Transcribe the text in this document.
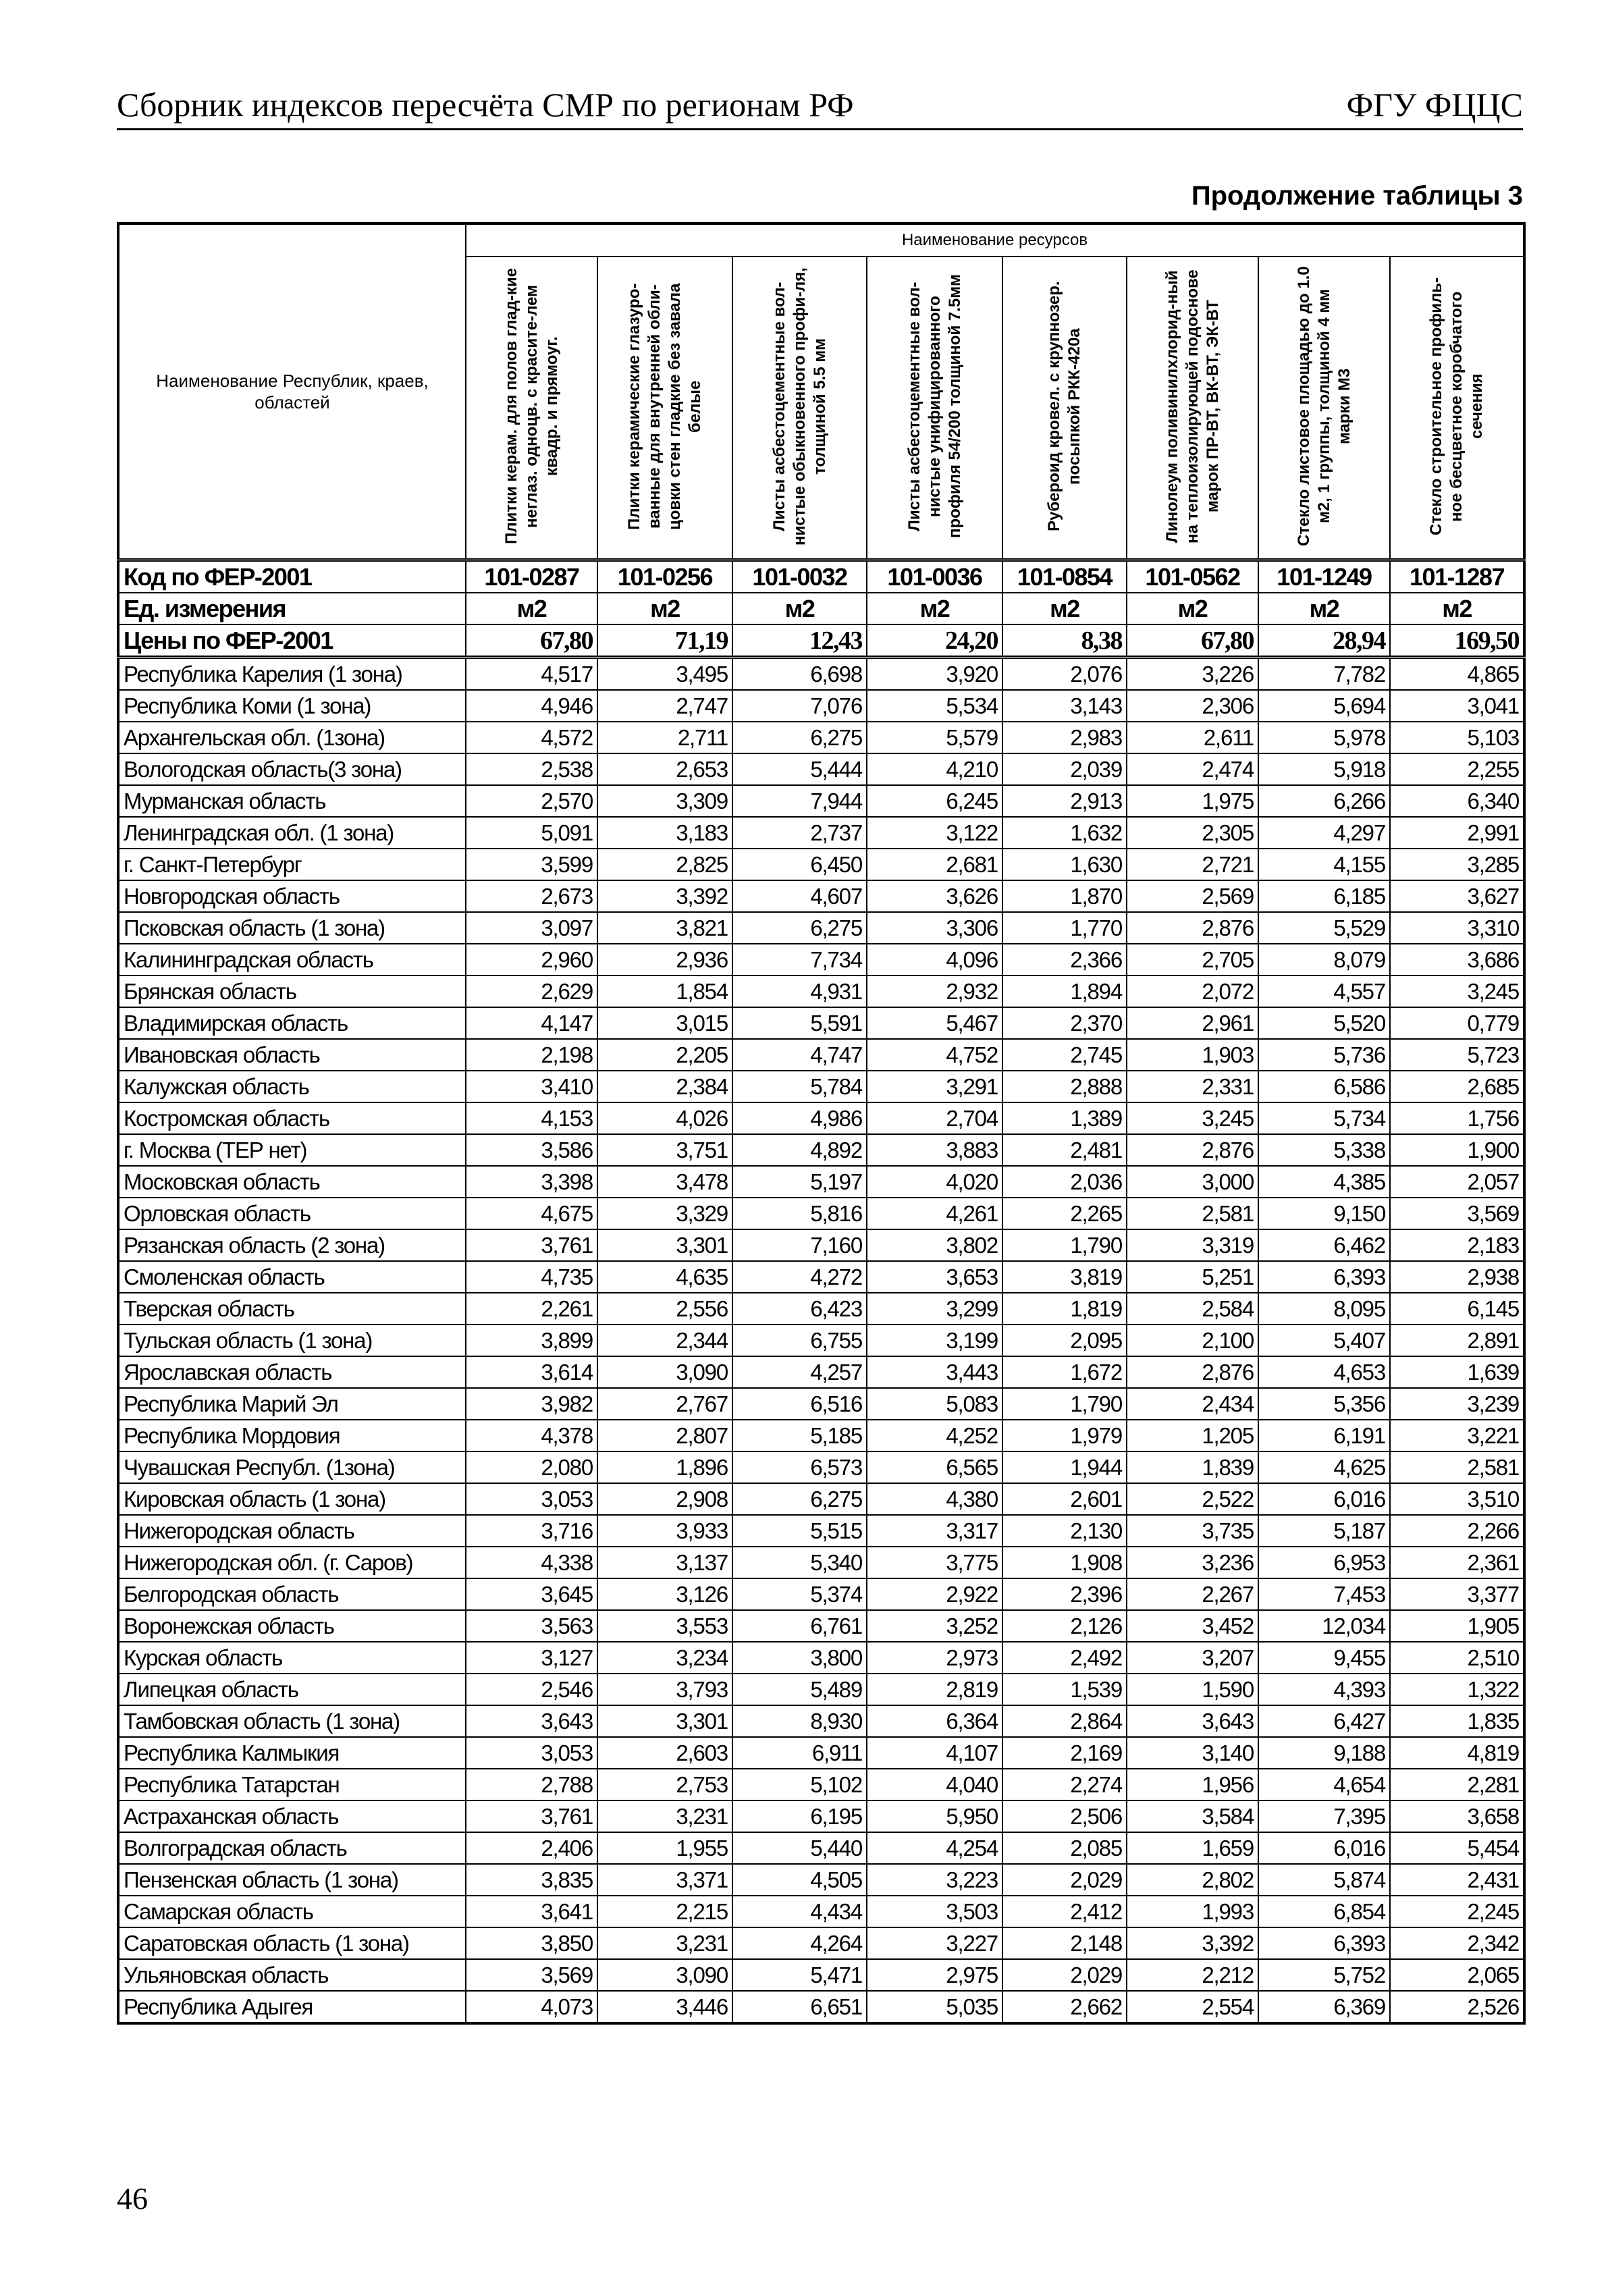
Сборник индексов пересчёта СМР по регионам РФ	ФГУ ФЦЦС
Продолжение таблицы 3
Наименование Республик, краев, областей	Наименование ресурсов							
	Плитки керам. для полов глад-кие неглаз. одноцв. с красите-лем квадр. и прямоуг.	Плитки керамические глазуро-ванные для внутренней обли-цовки стен гладкие без завала белые	Листы асбестоцементные вол-нистые обыкновенного профи-ля, толщиной 5.5 мм	Листы асбестоцементные вол-нистые унифицированного профиля 54/200 толщиной 7.5мм	Рубероид кровел. с крупнозер. посыпкой РКК-420а	Линолеум поливинилхлорид-ный на теплоизолирующей подоснове марок ПР-ВТ, ВК-ВТ, ЭК-ВТ	Стекло листовое площадью до 1.0 м2, 1 группы, толщиной 4 мм марки М3	Стекло строительное профиль-ное бесцветное коробчатого сечения
Код по ФЕР-2001	101-0287	101-0256	101-0032	101-0036	101-0854	101-0562	101-1249	101-1287
Ед. измерения	м2	м2	м2	м2	м2	м2	м2	м2
Цены по ФЕР-2001	67,80	71,19	12,43	24,20	8,38	67,80	28,94	169,50
Республика Карелия (1 зона)	4,517	3,495	6,698	3,920	2,076	3,226	7,782	4,865
Республика Коми (1 зона)	4,946	2,747	7,076	5,534	3,143	2,306	5,694	3,041
Архангельская обл. (1зона)	4,572	2,711	6,275	5,579	2,983	2,611	5,978	5,103
Вологодская область(3 зона)	2,538	2,653	5,444	4,210	2,039	2,474	5,918	2,255
Мурманская область	2,570	3,309	7,944	6,245	2,913	1,975	6,266	6,340
Ленинградская обл. (1 зона)	5,091	3,183	2,737	3,122	1,632	2,305	4,297	2,991
г. Санкт-Петербург	3,599	2,825	6,450	2,681	1,630	2,721	4,155	3,285
Новгородская область	2,673	3,392	4,607	3,626	1,870	2,569	6,185	3,627
Псковская область (1 зона)	3,097	3,821	6,275	3,306	1,770	2,876	5,529	3,310
Калининградская область	2,960	2,936	7,734	4,096	2,366	2,705	8,079	3,686
Брянская область	2,629	1,854	4,931	2,932	1,894	2,072	4,557	3,245
Владимирская область	4,147	3,015	5,591	5,467	2,370	2,961	5,520	0,779
Ивановская область	2,198	2,205	4,747	4,752	2,745	1,903	5,736	5,723
Калужская область	3,410	2,384	5,784	3,291	2,888	2,331	6,586	2,685
Костромская область	4,153	4,026	4,986	2,704	1,389	3,245	5,734	1,756
г. Москва (ТЕР нет)	3,586	3,751	4,892	3,883	2,481	2,876	5,338	1,900
Московская область	3,398	3,478	5,197	4,020	2,036	3,000	4,385	2,057
Орловская область	4,675	3,329	5,816	4,261	2,265	2,581	9,150	3,569
Рязанская область (2 зона)	3,761	3,301	7,160	3,802	1,790	3,319	6,462	2,183
Смоленская область	4,735	4,635	4,272	3,653	3,819	5,251	6,393	2,938
Тверская область	2,261	2,556	6,423	3,299	1,819	2,584	8,095	6,145
Тульская область (1 зона)	3,899	2,344	6,755	3,199	2,095	2,100	5,407	2,891
Ярославская область	3,614	3,090	4,257	3,443	1,672	2,876	4,653	1,639
Республика Марий Эл	3,982	2,767	6,516	5,083	1,790	2,434	5,356	3,239
Республика Мордовия	4,378	2,807	5,185	4,252	1,979	1,205	6,191	3,221
Чувашская Республ. (1зона)	2,080	1,896	6,573	6,565	1,944	1,839	4,625	2,581
Кировская область (1 зона)	3,053	2,908	6,275	4,380	2,601	2,522	6,016	3,510
Нижегородская область	3,716	3,933	5,515	3,317	2,130	3,735	5,187	2,266
Нижегородская обл. (г. Саров)	4,338	3,137	5,340	3,775	1,908	3,236	6,953	2,361
Белгородская область	3,645	3,126	5,374	2,922	2,396	2,267	7,453	3,377
Воронежская область	3,563	3,553	6,761	3,252	2,126	3,452	12,034	1,905
Курская область	3,127	3,234	3,800	2,973	2,492	3,207	9,455	2,510
Липецкая область	2,546	3,793	5,489	2,819	1,539	1,590	4,393	1,322
Тамбовская область (1 зона)	3,643	3,301	8,930	6,364	2,864	3,643	6,427	1,835
Республика Калмыкия	3,053	2,603	6,911	4,107	2,169	3,140	9,188	4,819
Республика Татарстан	2,788	2,753	5,102	4,040	2,274	1,956	4,654	2,281
Астраханская область	3,761	3,231	6,195	5,950	2,506	3,584	7,395	3,658
Волгоградская область	2,406	1,955	5,440	4,254	2,085	1,659	6,016	5,454
Пензенская область (1 зона)	3,835	3,371	4,505	3,223	2,029	2,802	5,874	2,431
Самарская область	3,641	2,215	4,434	3,503	2,412	1,993	6,854	2,245
Саратовская область (1 зона)	3,850	3,231	4,264	3,227	2,148	3,392	6,393	2,342
Ульяновская область	3,569	3,090	5,471	2,975	2,029	2,212	5,752	2,065
Республика Адыгея	4,073	3,446	6,651	5,035	2,662	2,554	6,369	2,526
46
